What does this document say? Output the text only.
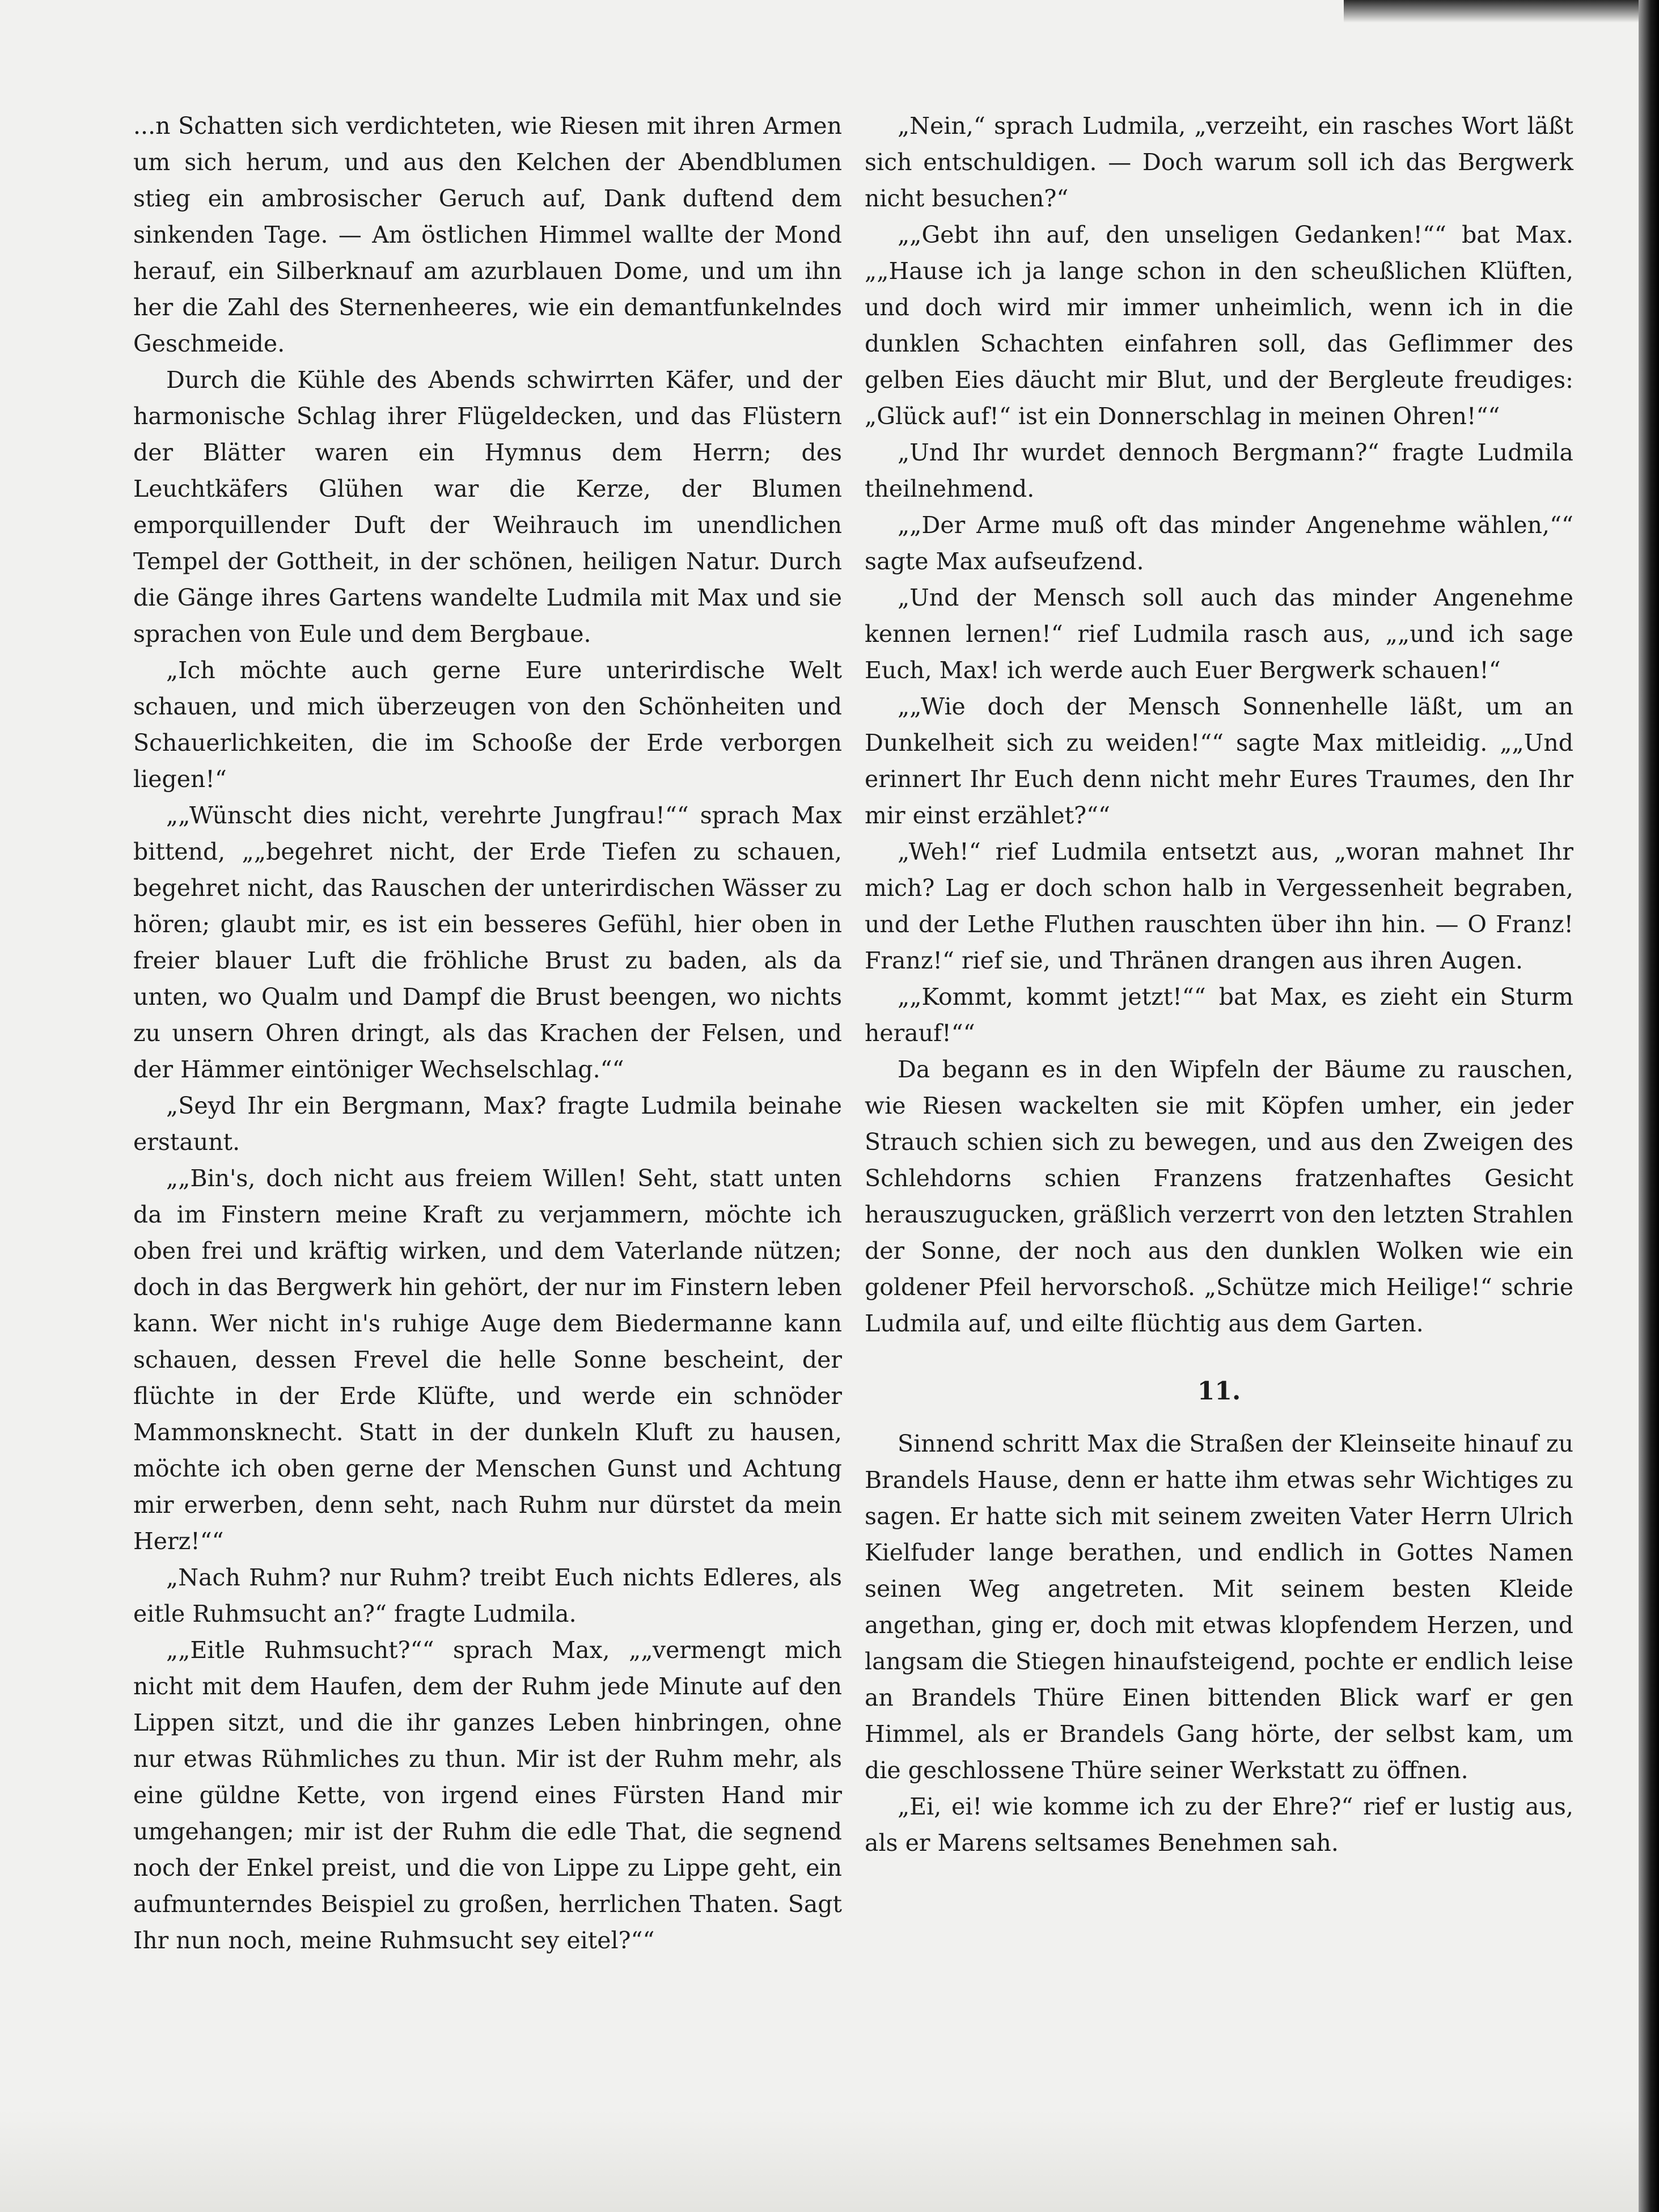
...n Schatten sich verdichteten, wie Riesen mit ihren Armen um sich herum, und aus den Kelchen der Abendblumen stieg ein ambrosischer Geruch auf, Dank duftend dem sinkenden Tage. — Am östlichen Himmel wallte der Mond herauf, ein Silberknauf am azurblauen Dome, und um ihn her die Zahl des Sternenheeres, wie ein demantfunkelndes Geschmeide.

Durch die Kühle des Abends schwirrten Käfer, und der harmonische Schlag ihrer Flügeldecken, und das Flüstern der Blätter waren ein Hymnus dem Herrn; des Leuchtkäfers Glühen war die Kerze, der Blumen emporquillender Duft der Weihrauch im unendlichen Tempel der Gottheit, in der schönen, heiligen Natur. Durch die Gänge ihres Gartens wandelte Ludmila mit Max und sie sprachen von Eule und dem Bergbaue.

„Ich möchte auch gerne Eure unterirdische Welt schauen, und mich überzeugen von den Schönheiten und Schauerlichkeiten, die im Schooße der Erde verborgen liegen!“

„„Wünscht dies nicht, verehrte Jungfrau!““ sprach Max bittend, „„begehret nicht, der Erde Tiefen zu schauen, begehret nicht, das Rauschen der unterirdischen Wässer zu hören; glaubt mir, es ist ein besseres Gefühl, hier oben in freier blauer Luft die fröhliche Brust zu baden, als da unten, wo Qualm und Dampf die Brust beengen, wo nichts zu unsern Ohren dringt, als das Krachen der Felsen, und der Hämmer eintöniger Wechselschlag.““

„Seyd Ihr ein Bergmann, Max? fragte Ludmila beinahe erstaunt.

„„Bin's, doch nicht aus freiem Willen! Seht, statt unten da im Finstern meine Kraft zu verjammern, möchte ich oben frei und kräftig wirken, und dem Vaterlande nützen; doch in das Bergwerk hin gehört, der nur im Finstern leben kann. Wer nicht in's ruhige Auge dem Biedermanne kann schauen, dessen Frevel die helle Sonne bescheint, der flüchte in der Erde Klüfte, und werde ein schnöder Mammonsknecht. Statt in der dunkeln Kluft zu hausen, möchte ich oben gerne der Menschen Gunst und Achtung mir erwerben, denn seht, nach Ruhm nur dürstet da mein Herz!““

„Nach Ruhm? nur Ruhm? treibt Euch nichts Edleres, als eitle Ruhmsucht an?“ fragte Ludmila.

„„Eitle Ruhmsucht?““ sprach Max, „„vermengt mich nicht mit dem Haufen, dem der Ruhm jede Minute auf den Lippen sitzt, und die ihr ganzes Leben hinbringen, ohne nur etwas Rühmliches zu thun. Mir ist der Ruhm mehr, als eine güldne Kette, von irgend eines Fürsten Hand mir umgehangen; mir ist der Ruhm die edle That, die segnend noch der Enkel preist, und die von Lippe zu Lippe geht, ein aufmunterndes Beispiel zu großen, herrlichen Thaten. Sagt Ihr nun noch, meine Ruhmsucht sey eitel?““

„Nein,“ sprach Ludmila, „verzeiht, ein rasches Wort läßt sich entschuldigen. — Doch warum soll ich das Bergwerk nicht besuchen?“

„„Gebt ihn auf, den unseligen Gedanken!““ bat Max. „„Hause ich ja lange schon in den scheußlichen Klüften, und doch wird mir immer unheimlich, wenn ich in die dunklen Schachten einfahren soll, das Geflimmer des gelben Eies däucht mir Blut, und der Bergleute freudiges: „Glück auf!“ ist ein Donnerschlag in meinen Ohren!““

„Und Ihr wurdet dennoch Bergmann?“ fragte Ludmila theilnehmend.

„„Der Arme muß oft das minder Angenehme wählen,““ sagte Max aufseufzend.

„Und der Mensch soll auch das minder Angenehme kennen lernen!“ rief Ludmila rasch aus, „„und ich sage Euch, Max! ich werde auch Euer Bergwerk schauen!“

„„Wie doch der Mensch Sonnenhelle läßt, um an Dunkelheit sich zu weiden!““ sagte Max mitleidig. „„Und erinnert Ihr Euch denn nicht mehr Eures Traumes, den Ihr mir einst erzählet?““

„Weh!“ rief Ludmila entsetzt aus, „woran mahnet Ihr mich? Lag er doch schon halb in Vergessenheit begraben, und der Lethe Fluthen rauschten über ihn hin. — O Franz! Franz!“ rief sie, und Thränen drangen aus ihren Augen.

„„Kommt, kommt jetzt!““ bat Max, es zieht ein Sturm herauf!““

Da begann es in den Wipfeln der Bäume zu rauschen, wie Riesen wackelten sie mit Köpfen umher, ein jeder Strauch schien sich zu bewegen, und aus den Zweigen des Schlehdorns schien Franzens fratzenhaftes Gesicht herauszugucken, gräßlich verzerrt von den letzten Strahlen der Sonne, der noch aus den dunklen Wolken wie ein goldener Pfeil hervorschoß. „Schütze mich Heilige!“ schrie Ludmila auf, und eilte flüchtig aus dem Garten.

11.

Sinnend schritt Max die Straßen der Kleinseite hinauf zu Brandels Hause, denn er hatte ihm etwas sehr Wichtiges zu sagen. Er hatte sich mit seinem zweiten Vater Herrn Ulrich Kielfuder lange berathen, und endlich in Gottes Namen seinen Weg angetreten. Mit seinem besten Kleide angethan, ging er, doch mit etwas klopfendem Herzen, und langsam die Stiegen hinaufsteigend, pochte er endlich leise an Brandels Thüre Einen bittenden Blick warf er gen Himmel, als er Brandels Gang hörte, der selbst kam, um die geschlossene Thüre seiner Werkstatt zu öffnen.

„Ei, ei! wie komme ich zu der Ehre?“ rief er lustig aus, als er Marens seltsames Benehmen sah.
